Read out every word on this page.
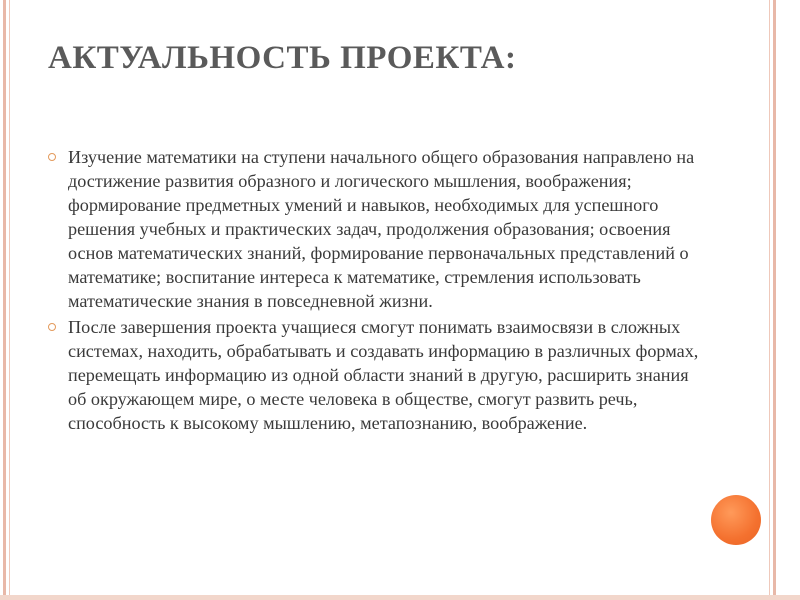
АКТУАЛЬНОСТЬ ПРОЕКТА:
Изучение математики на ступени начального общего образования направлено на достижение развития образного и логического мышления, воображения; формирование предметных умений и навыков, необходимых для успешного решения учебных и практических задач, продолжения образования; освоения основ математических знаний, формирование первоначальных представлений о математике; воспитание интереса к математике, стремления использовать математические знания в повседневной жизни.
После завершения проекта учащиеся смогут понимать взаимосвязи в сложных системах, находить, обрабатывать и создавать информацию в различных формах, перемещать информацию из одной области знаний в другую, расширить знания об окружающем мире, о месте человека в обществе, смогут развить речь, способность к высокому мышлению, метапознанию, воображение.
